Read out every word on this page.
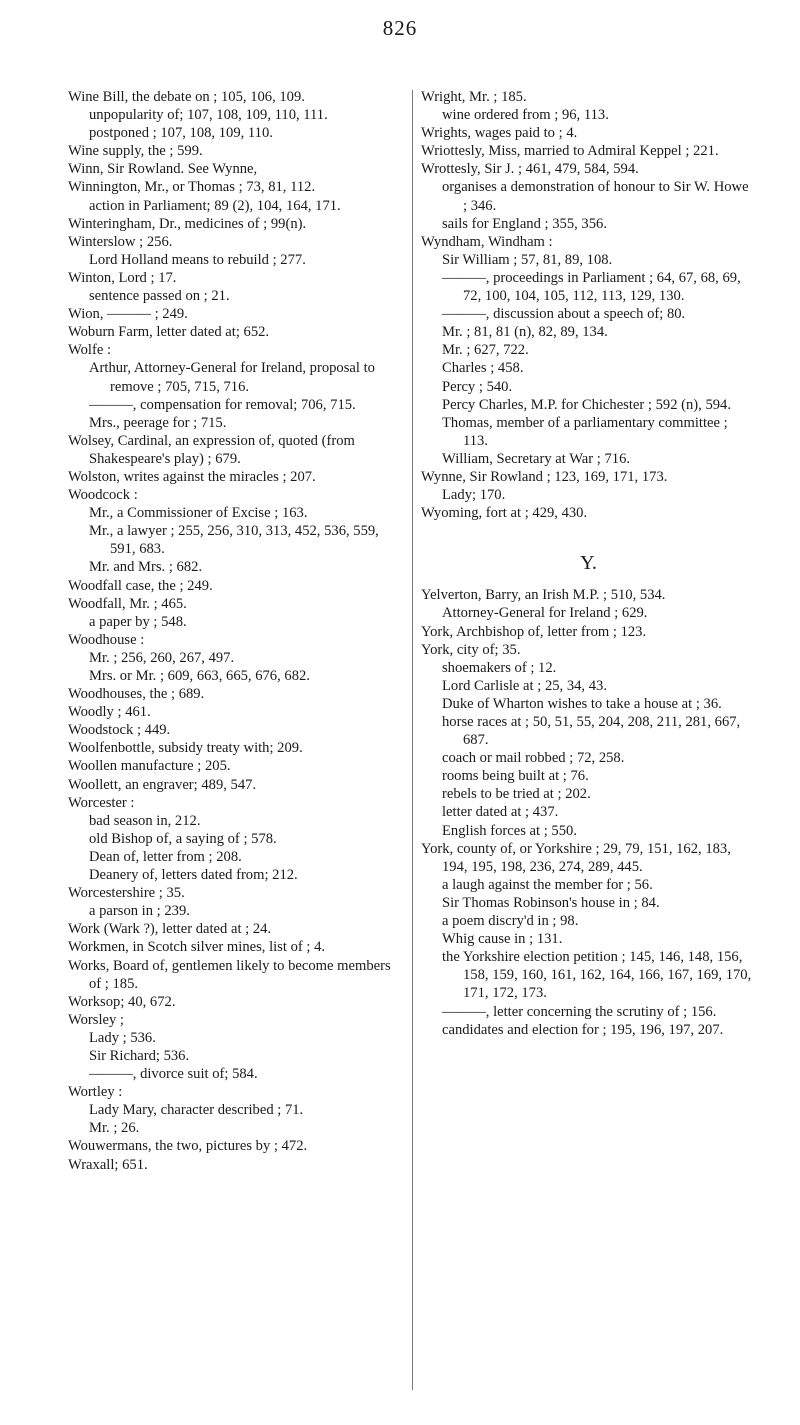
826

Wine Bill, the debate on ; 105, 106, 109.

unpopularity of; 107, 108, 109, 110, 111.

postponed ; 107, 108, 109, 110.

Wine supply, the ; 599.

Winn, Sir Rowland. See Wynne,

Winnington, Mr., or Thomas ; 73, 81, 112.

action in Parliament; 89 (2), 104, 164, 171.

Winteringham, Dr., medicines of ; 99(n).

Winterslow ; 256.

Lord Holland means to rebuild ; 277.

Winton, Lord ; 17.

sentence passed on ; 21.

Wion, ——— ; 249.

Woburn Farm, letter dated at; 652.

Wolfe :

Arthur, Attorney-General for Ireland, proposal to remove ; 705, 715, 716.

———, compensation for removal; 706, 715.

Mrs., peerage for ; 715.

Wolsey, Cardinal, an expression of, quoted (from Shakespeare's play) ; 679.

Wolston, writes against the miracles ; 207.

Woodcock :

Mr., a Commissioner of Excise ; 163.

Mr., a lawyer ; 255, 256, 310, 313, 452, 536, 559, 591, 683.

Mr. and Mrs. ; 682.

Woodfall case, the ; 249.

Woodfall, Mr. ; 465.

a paper by ; 548.

Woodhouse :

Mr. ; 256, 260, 267, 497.

Mrs. or Mr. ; 609, 663, 665, 676, 682.

Woodhouses, the ; 689.

Woodly ; 461.

Woodstock ; 449.

Woolfenbottle, subsidy treaty with; 209.

Woollen manufacture ; 205.

Woollett, an engraver; 489, 547.

Worcester :

bad season in, 212.

old Bishop of, a saying of ; 578.

Dean of, letter from ; 208.

Deanery of, letters dated from; 212.

Worcestershire ; 35.

a parson in ; 239.

Work (Wark ?), letter dated at ; 24.

Workmen, in Scotch silver mines, list of ; 4.

Works, Board of, gentlemen likely to become members of ; 185.

Worksop; 40, 672.

Worsley ;

Lady ; 536.

Sir Richard; 536.

———, divorce suit of; 584.

Wortley :

Lady Mary, character described ; 71.

Mr. ; 26.

Wouwermans, the two, pictures by ; 472.

Wraxall; 651.

Wright, Mr. ; 185.

wine ordered from ; 96, 113.

Wrights, wages paid to ; 4.

Wriottesly, Miss, married to Admiral Keppel ; 221.

Wrottesly, Sir J. ; 461, 479, 584, 594.

organises a demonstration of honour to Sir W. Howe ; 346.

sails for England ; 355, 356.

Wyndham, Windham :

Sir William ; 57, 81, 89, 108.

———, proceedings in Parliament ; 64, 67, 68, 69, 72, 100, 104, 105, 112, 113, 129, 130.

———, discussion about a speech of; 80.

Mr. ; 81, 81 (n), 82, 89, 134.

Mr. ; 627, 722.

Charles ; 458.

Percy ; 540.

Percy Charles, M.P. for Chichester ; 592 (n), 594.

Thomas, member of a parliamentary committee ; 113.

William, Secretary at War ; 716.

Wynne, Sir Rowland ; 123, 169, 171, 173.

Lady; 170.

Wyoming, fort at ; 429, 430.

Y.

Yelverton, Barry, an Irish M.P. ; 510, 534.

Attorney-General for Ireland ; 629.

York, Archbishop of, letter from ; 123.

York, city of; 35.

shoemakers of ; 12.

Lord Carlisle at ; 25, 34, 43.

Duke of Wharton wishes to take a house at ; 36.

horse races at ; 50, 51, 55, 204, 208, 211, 281, 667, 687.

coach or mail robbed ; 72, 258.

rooms being built at ; 76.

rebels to be tried at ; 202.

letter dated at ; 437.

English forces at ; 550.

York, county of, or Yorkshire ; 29, 79, 151, 162, 183, 194, 195, 198, 236, 274, 289, 445.

a laugh against the member for ; 56.

Sir Thomas Robinson's house in ; 84.

a poem discry'd in ; 98.

Whig cause in ; 131.

the Yorkshire election petition ; 145, 146, 148, 156, 158, 159, 160, 161, 162, 164, 166, 167, 169, 170, 171, 172, 173.

———, letter concerning the scrutiny of ; 156.

candidates and election for ; 195, 196, 197, 207.
